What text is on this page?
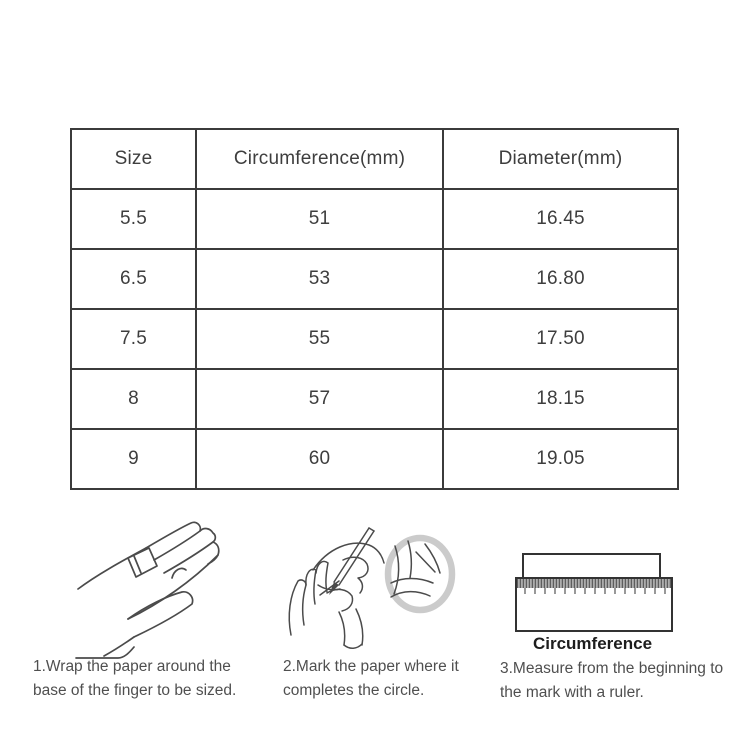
Size	Circumference(mm)	Diameter(mm)
5.5	51	16.45
6.5	53	16.80
7.5	55	17.50
8	57	18.15
9	60	19.05
1.Wrap the paper around the base of the finger to be sized.
2.Mark the paper where it completes the circle.
Circumference
3.Measure from the beginning to the mark with a ruler.
